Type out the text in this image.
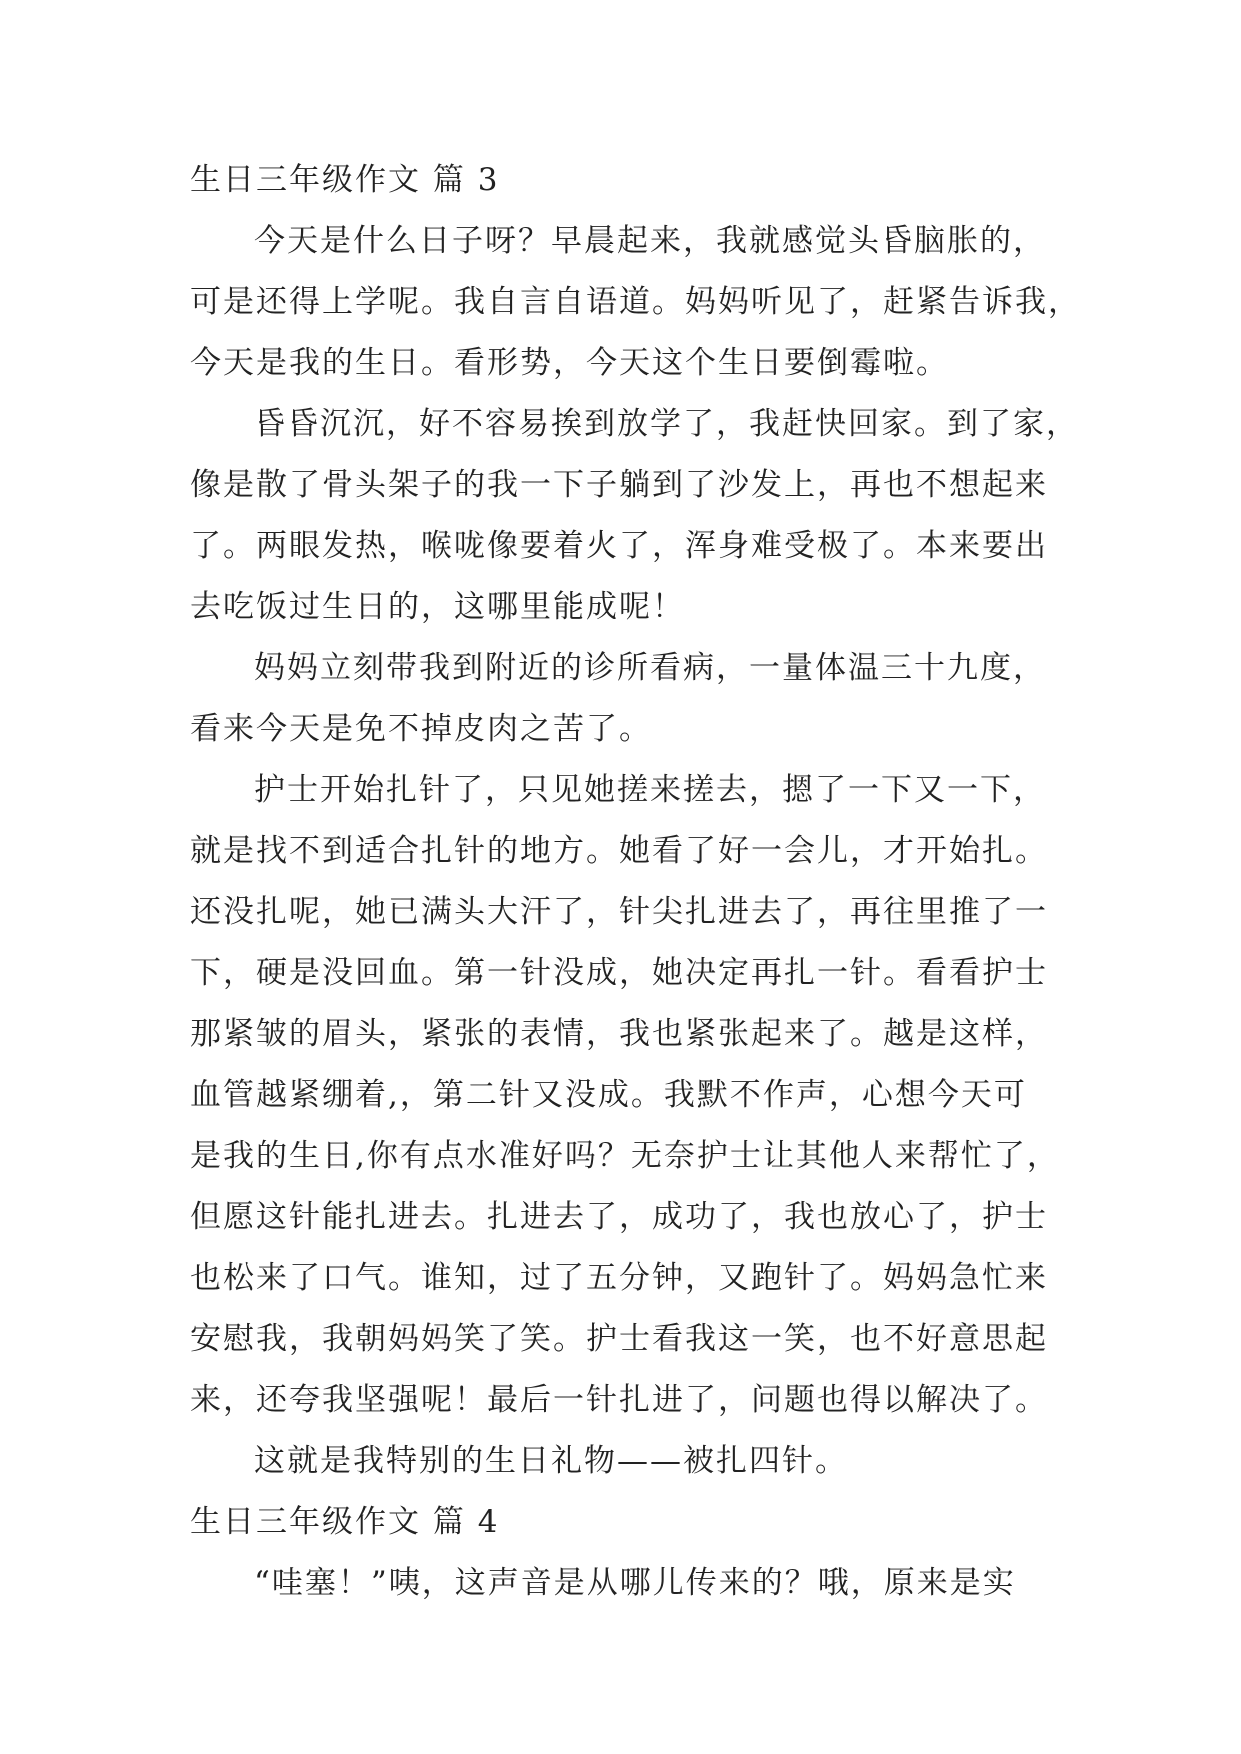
生日三年级作文 篇 3
今天是什么日子呀？早晨起来，我就感觉头昏脑胀的，
可是还得上学呢。我自言自语道。妈妈听见了，赶紧告诉我，
今天是我的生日。看形势，今天这个生日要倒霉啦。
昏昏沉沉，好不容易挨到放学了，我赶快回家。到了家，
像是散了骨头架子的我一下子躺到了沙发上，再也不想起来
了。两眼发热，喉咙像要着火了，浑身难受极了。本来要出
去吃饭过生日的，这哪里能成呢！
妈妈立刻带我到附近的诊所看病，一量体温三十九度，
看来今天是免不掉皮肉之苦了。
护士开始扎针了，只见她搓来搓去，摁了一下又一下，
就是找不到适合扎针的地方。她看了好一会儿，才开始扎。
还没扎呢，她已满头大汗了，针尖扎进去了，再往里推了一
下，硬是没回血。第一针没成，她决定再扎一针。看看护士
那紧皱的眉头，紧张的表情，我也紧张起来了。越是这样，
血管越紧绷着,，第二针又没成。我默不作声，心想今天可
是我的生日,你有点水准好吗？无奈护士让其他人来帮忙了，
但愿这针能扎进去。扎进去了，成功了，我也放心了，护士
也松来了口气。谁知，过了五分钟，又跑针了。妈妈急忙来
安慰我，我朝妈妈笑了笑。护士看我这一笑，也不好意思起
来，还夸我坚强呢！最后一针扎进了，问题也得以解决了。
这就是我特别的生日礼物——被扎四针。
生日三年级作文 篇 4
“哇塞！”咦，这声音是从哪儿传来的？哦，原来是实
